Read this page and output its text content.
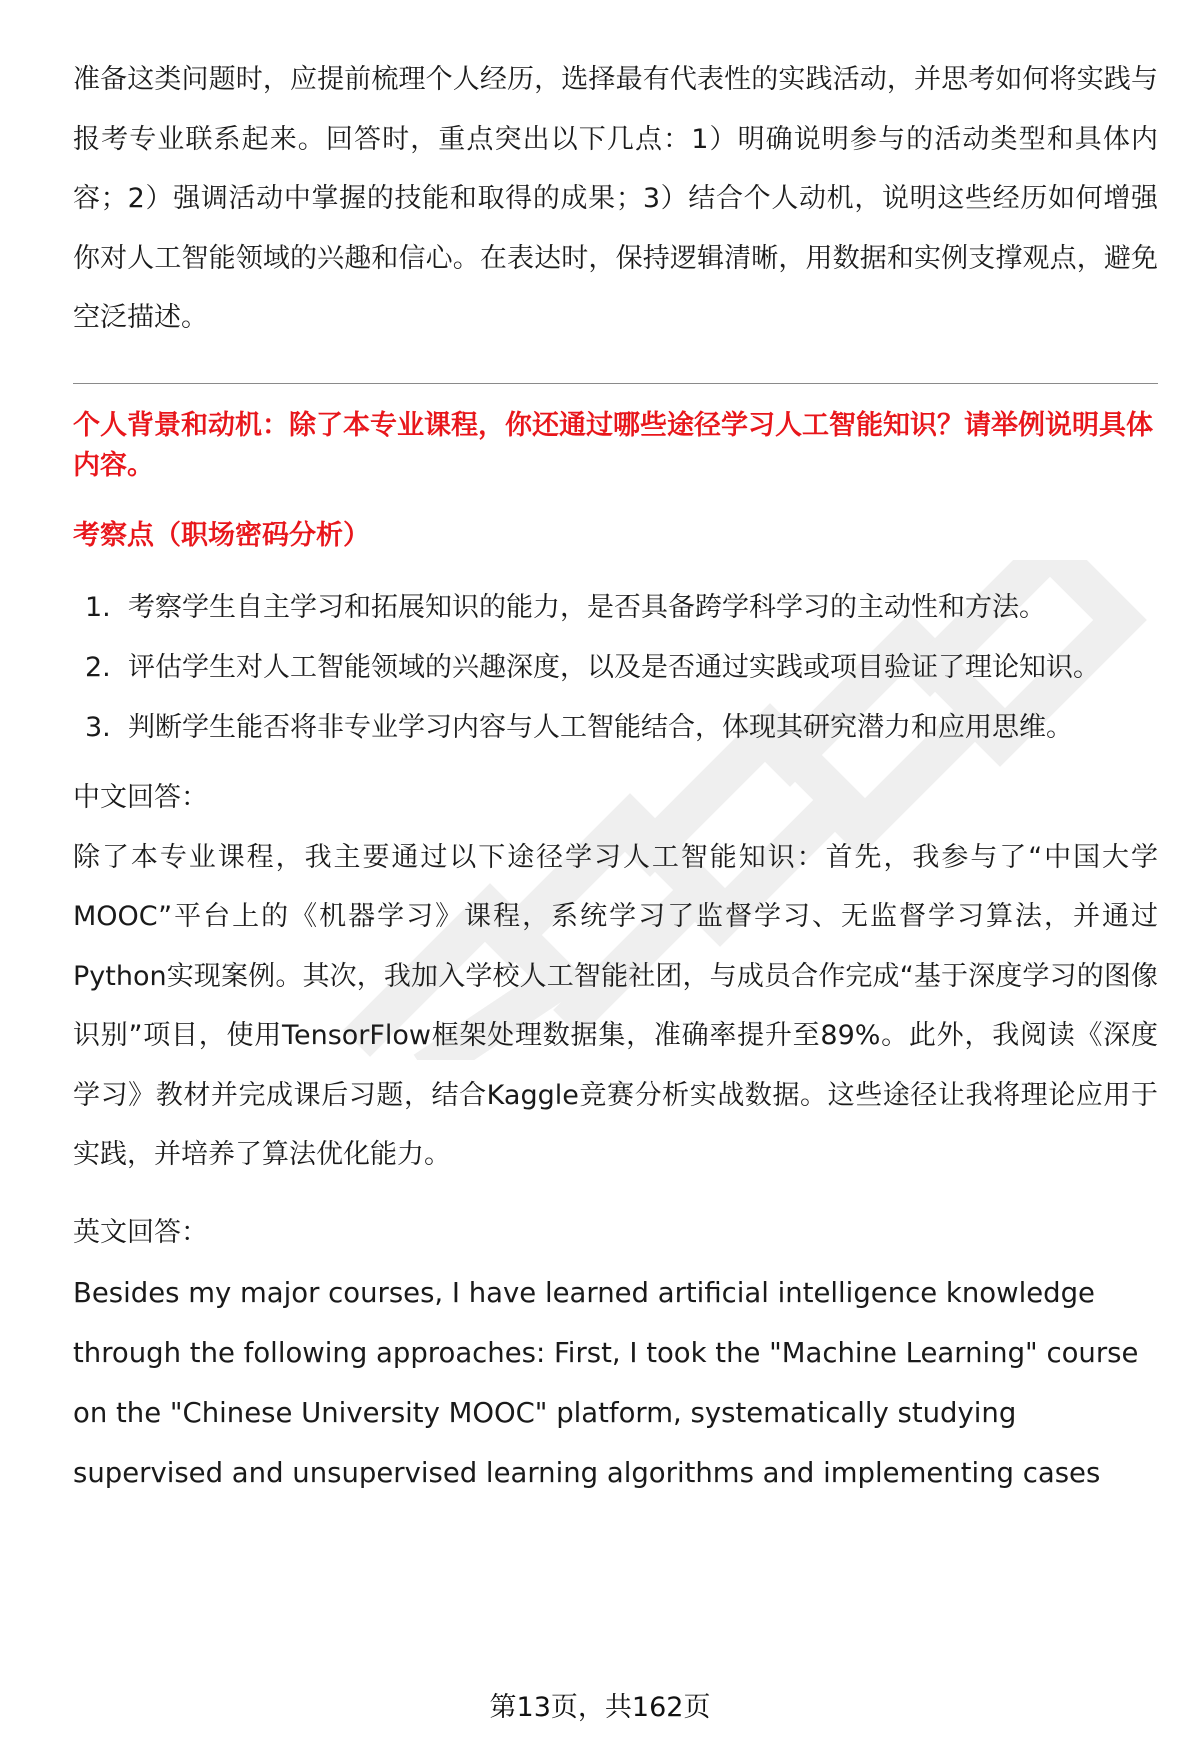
准备这类问题时，应提前梳理个人经历，选择最有代表性的实践活动，并思考如何将实践与报考专业联系起来。回答时，重点突出以下几点：1）明确说明参与的活动类型和具体内容；2）强调活动中掌握的技能和取得的成果；3）结合个人动机，说明这些经历如何增强你对人工智能领域的兴趣和信心。在表达时，保持逻辑清晰，用数据和实例支撑观点，避免空泛描述。

个人背景和动机：除了本专业课程，你还通过哪些途径学习人工智能知识？请举例说明具体内容。

考察点（职场密码分析）

1. 考察学生自主学习和拓展知识的能力，是否具备跨学科学习的主动性和方法。
2. 评估学生对人工智能领域的兴趣深度，以及是否通过实践或项目验证了理论知识。
3. 判断学生能否将非专业学习内容与人工智能结合，体现其研究潜力和应用思维。

中文回答：

除了本专业课程，我主要通过以下途径学习人工智能知识：首先，我参与了“中国大学MOOC”平台上的《机器学习》课程，系统学习了监督学习、无监督学习算法，并通过Python实现案例。其次，我加入学校人工智能社团，与成员合作完成“基于深度学习的图像识别”项目，使用TensorFlow框架处理数据集，准确率提升至89%。此外，我阅读《深度学习》教材并完成课后习题，结合Kaggle竞赛分析实战数据。这些途径让我将理论应用于实践，并培养了算法优化能力。

英文回答：

Besides my major courses, I have learned artificial intelligence knowledge through the following approaches: First, I took the "Machine Learning" course on the "Chinese University MOOC" platform, systematically studying supervised and unsupervised learning algorithms and implementing cases

第13页，共162页
